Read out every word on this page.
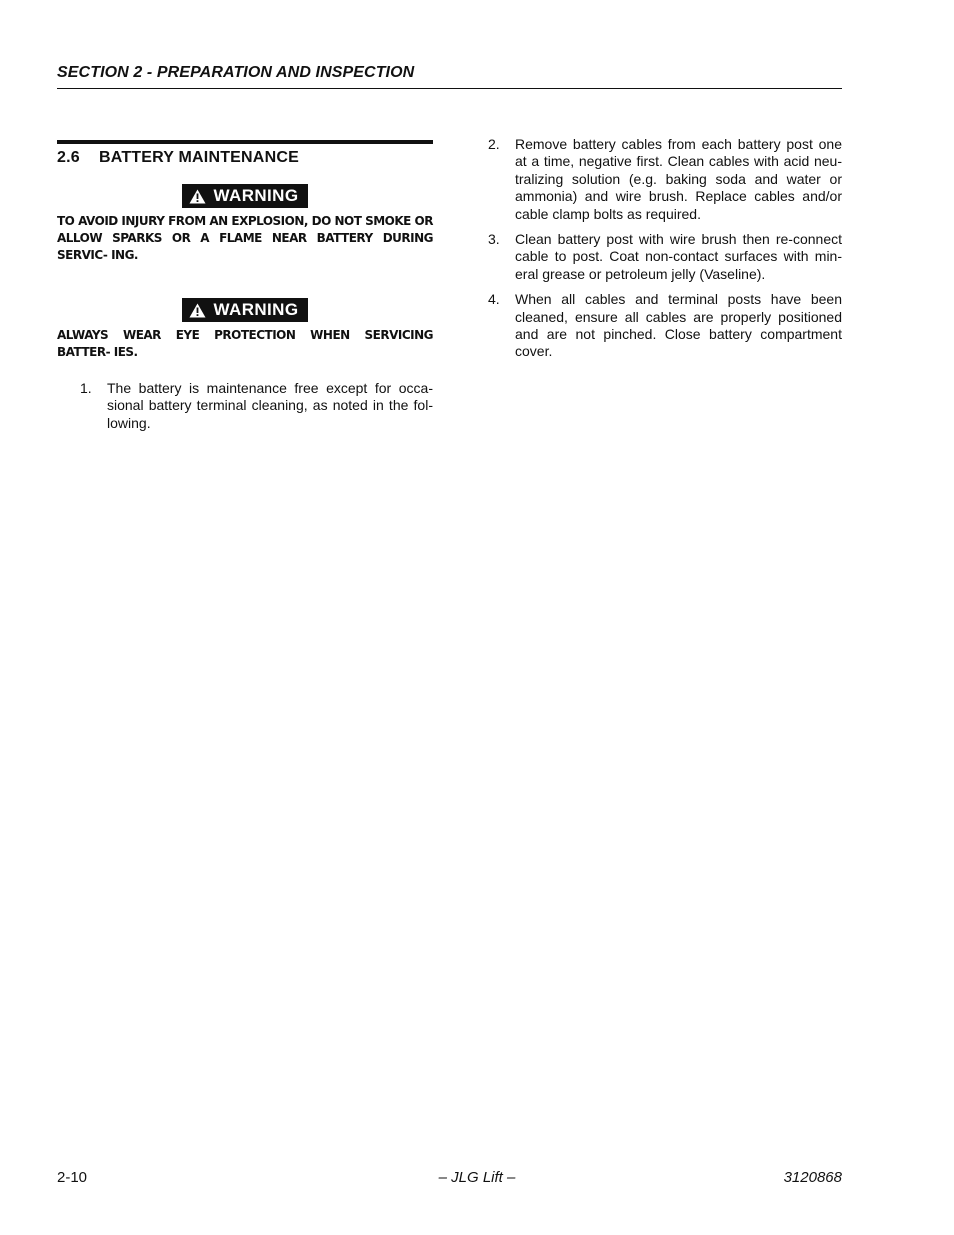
SECTION 2 - PREPARATION AND INSPECTION
2.6 BATTERY MAINTENANCE
WARNING
TO AVOID INJURY FROM AN EXPLOSION, DO NOT SMOKE OR ALLOW SPARKS OR A FLAME NEAR BATTERY DURING SERVIC- ING.
WARNING
ALWAYS WEAR EYE PROTECTION WHEN SERVICING BATTER- IES.
1.	The battery is maintenance free except for occa- sional battery terminal cleaning, as noted in the fol- lowing.
2.	Remove battery cables from each battery post one at a time, negative first. Clean cables with acid neu- tralizing solution (e.g. baking soda and water or ammonia) and wire brush. Replace cables and/or cable clamp bolts as required.
3.	Clean battery post with wire brush then re-connect cable to post. Coat non-contact surfaces with min- eral grease or petroleum jelly (Vaseline).
4.	When all cables and terminal posts have been cleaned, ensure all cables are properly positioned and are not pinched. Close battery compartment cover.
2-10	– JLG Lift –	3120868
